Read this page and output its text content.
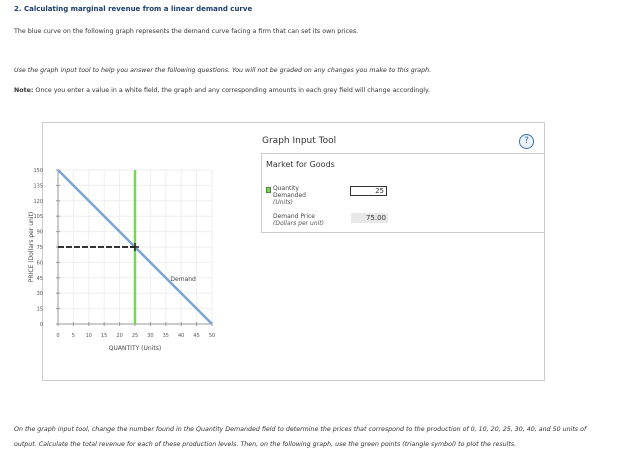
2. Calculating marginal revenue from a linear demand curve
The blue curve on the following graph represents the demand curve facing a firm that can set its own prices.
Use the graph input tool to help you answer the following questions. You will not be graded on any changes you make to this graph.
Note: Once you enter a value in a white field, the graph and any corresponding amounts in each grey field will change accordingly.
0 5 10 15 20 25 30 35 40 45 50
0
15
30
45
60
75
90
105
120
135
150
QUANTITY (Units)
PRICE (Dollars per unit)	Demand
Graph Input Tool	?
Market for Goods
Quantity
Demanded
(Units)
25
Demand Price
(Dollars per unit)
75.00
On the graph input tool, change the number found in the Quantity Demanded field to determine the prices that correspond to the production of 0, 10, 20, 25, 30, 40, and 50 units of output. Calculate the total revenue for each of these production levels. Then, on the following graph, use the green points (triangle symbol) to plot the results.
